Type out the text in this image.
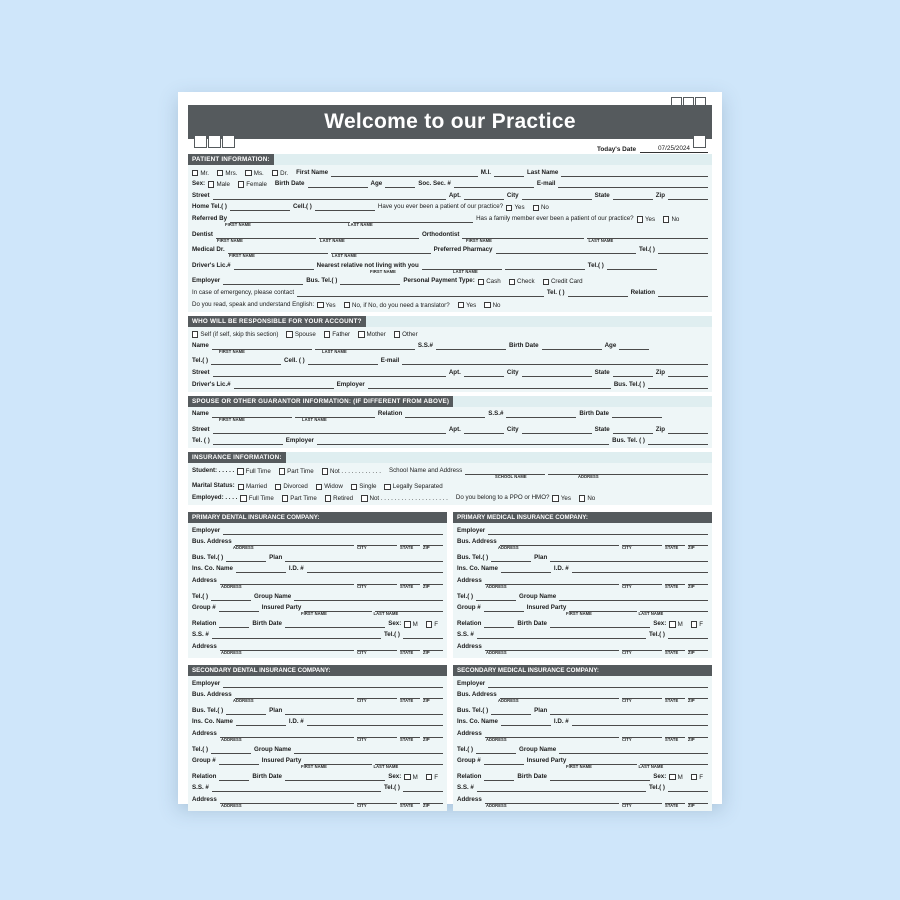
Welcome to our Practice
Today's Date	07/25/2024
PATIENT INFORMATION:
Mr.	Mrs.	Ms.	Dr. First Name	M.I.	Last Name
Sex: Male	Female Birth Date	Age	Soc. Sec. #	E-mail
Street	Apt.	City	State	Zip
Home Tel.( )	Cell.( )	Have you ever been a patient of our practice? Yes	No
Referred By	Has a family member ever been a patient of our practice? Yes	No
FIRST NAME	LAST NAME
Dentist	Orthodontist
FIRST NAME	LAST NAME	FIRST NAME	LAST NAME
Medical Dr.	Preferred Pharmacy	Tel.( )
FIRST NAME	LAST NAME
Driver's Lic.#	Nearest relative not living with you	Tel.( )
FIRST NAME	LAST NAME
Employer	Bus. Tel.( )	Personal Payment Type: Cash	Check	Credit Card
In case of emergency, please contact	Tel. ( )	Relation
Do you read, speak and understand English: Yes	No, if No, do you need a translator?	Yes	No
WHO WILL BE RESPONSIBLE FOR YOUR ACCOUNT?
Self (if self, skip this section)	Spouse	Father	Mother	Other
Name	S.S.#	Birth Date	Age
FIRST NAME	LAST NAME
Tel.( )	Cell. ( )	E-mail
Street	Apt.	City	State	Zip
Driver's Lic.#	Employer	Bus. Tel.( )
SPOUSE OR OTHER GUARANTOR INFORMATION: (IF DIFFERENT FROM ABOVE)
Name	Relation	S.S.#	Birth Date
FIRST NAME	LAST NAME
Street	Apt.	City	State	Zip
Tel. ( )	Employer	Bus. Tel. ( )
INSURANCE INFORMATION:
Student: . . . . . Full Time	Part Time	Not . . . . . . . . . . . . School Name and Address
SCHOOL NAME	ADDRESS
Marital Status: Married	Divorced	Widow	Single	Legally Separated
Employed: . . . . Full Time	Part Time	Retired	Not . . . . . . . . . . . . . . . . . . . . Do you belong to a PPO or HMO? Yes	No
PRIMARY DENTAL INSURANCE COMPANY:
Employer
Bus. Address
ADDRESS	CITY	STATE	ZIP
Bus. Tel.( )	Plan
Ins. Co. Name	I.D. #
Address
ADDRESS	CITY	STATE	ZIP
Tel.( )	Group Name
Group #	Insured Party
FIRST NAME	LAST NAME
Relation	Birth Date	Sex: M	F
S.S. #	Tel.( )
Address
ADDRESS	CITY	STATE	ZIP
PRIMARY MEDICAL INSURANCE COMPANY:
Employer
Bus. Address
ADDRESS	CITY	STATE	ZIP
Bus. Tel.( )	Plan
Ins. Co. Name	I.D. #
Address
ADDRESS	CITY	STATE	ZIP
Tel.( )	Group Name
Group #	Insured Party
FIRST NAME	LAST NAME
Relation	Birth Date	Sex: M	F
S.S. #	Tel.( )
Address
ADDRESS	CITY	STATE	ZIP
SECONDARY DENTAL INSURANCE COMPANY:
Employer
Bus. Address
ADDRESS	CITY	STATE	ZIP
Bus. Tel.( )	Plan
Ins. Co. Name	I.D. #
Address
ADDRESS	CITY	STATE	ZIP
Tel.( )	Group Name
Group #	Insured Party
FIRST NAME	LAST NAME
Relation	Birth Date	Sex: M	F
S.S. #	Tel.( )
Address
ADDRESS	CITY	STATE	ZIP
SECONDARY MEDICAL INSURANCE COMPANY:
Employer
Bus. Address
ADDRESS	CITY	STATE	ZIP
Bus. Tel.( )	Plan
Ins. Co. Name	I.D. #
Address
ADDRESS	CITY	STATE	ZIP
Tel.( )	Group Name
Group #	Insured Party
FIRST NAME	LAST NAME
Relation	Birth Date	Sex: M	F
S.S. #	Tel.( )
Address
ADDRESS	CITY	STATE	ZIP
